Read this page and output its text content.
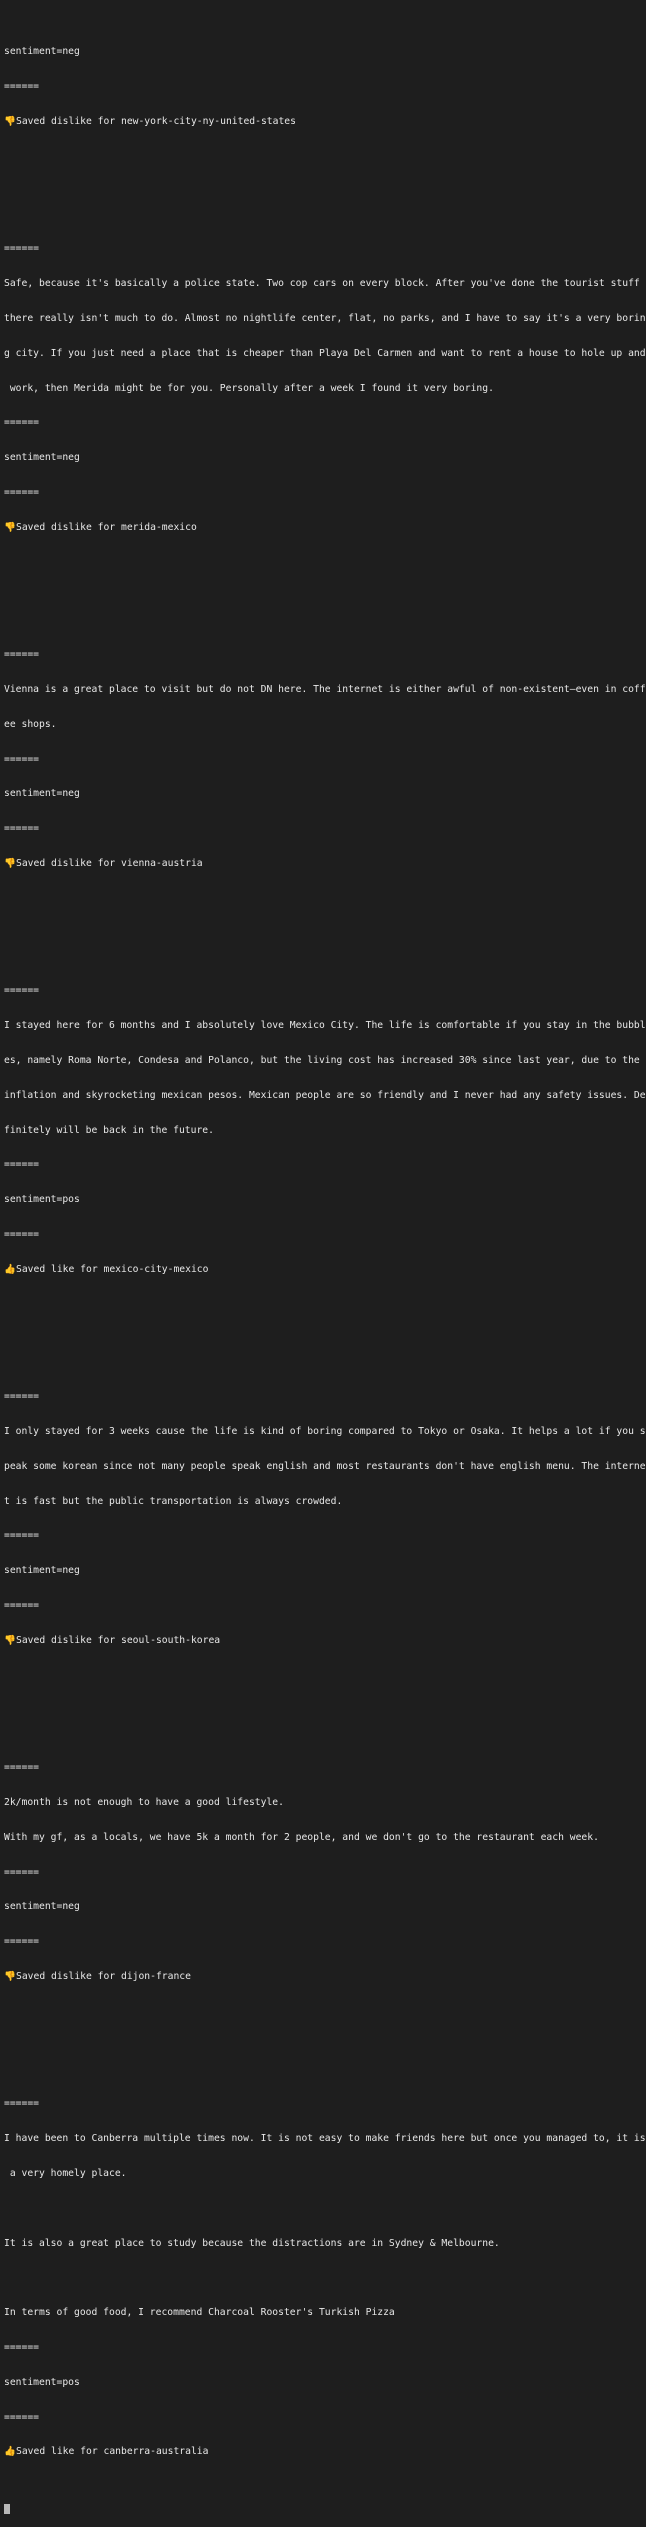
sentiment=neg

======

👎Saved dislike for new-york-city-ny-united-states

======

Safe, because it's basically a police state. Two cop cars on every block. After you've done the tourist stuff

there really isn't much to do. Almost no nightlife center, flat, no parks, and I have to say it's a very borin

g city. If you just need a place that is cheaper than Playa Del Carmen and want to rent a house to hole up and

work, then Merida might be for you. Personally after a week I found it very boring.

======

sentiment=neg

======

👎Saved dislike for merida-mexico

======

Vienna is a great place to visit but do not DN here. The internet is either awful of non-existent—even in coff

ee shops.

======

sentiment=neg

======

👎Saved dislike for vienna-austria

======

I stayed here for 6 months and I absolutely love Mexico City. The life is comfortable if you stay in the bubbl

es, namely Roma Norte, Condesa and Polanco, but the living cost has increased 30% since last year, due to the

inflation and skyrocketing mexican pesos. Mexican people are so friendly and I never had any safety issues. De

finitely will be back in the future.

======

sentiment=pos

======

👍Saved like for mexico-city-mexico

======

I only stayed for 3 weeks cause the life is kind of boring compared to Tokyo or Osaka. It helps a lot if you s

peak some korean since not many people speak english and most restaurants don't have english menu. The interne

t is fast but the public transportation is always crowded.

======

sentiment=neg

======

👎Saved dislike for seoul-south-korea

======

2k/month is not enough to have a good lifestyle.

With my gf, as a locals, we have 5k a month for 2 people, and we don't go to the restaurant each week.

======

sentiment=neg

======

👎Saved dislike for dijon-france

======

I have been to Canberra multiple times now. It is not easy to make friends here but once you managed to, it is

a very homely place.

It is also a great place to study because the distractions are in Sydney & Melbourne.

In terms of good food, I recommend Charcoal Rooster's Turkish Pizza

======

sentiment=pos

======

👍Saved like for canberra-australia
